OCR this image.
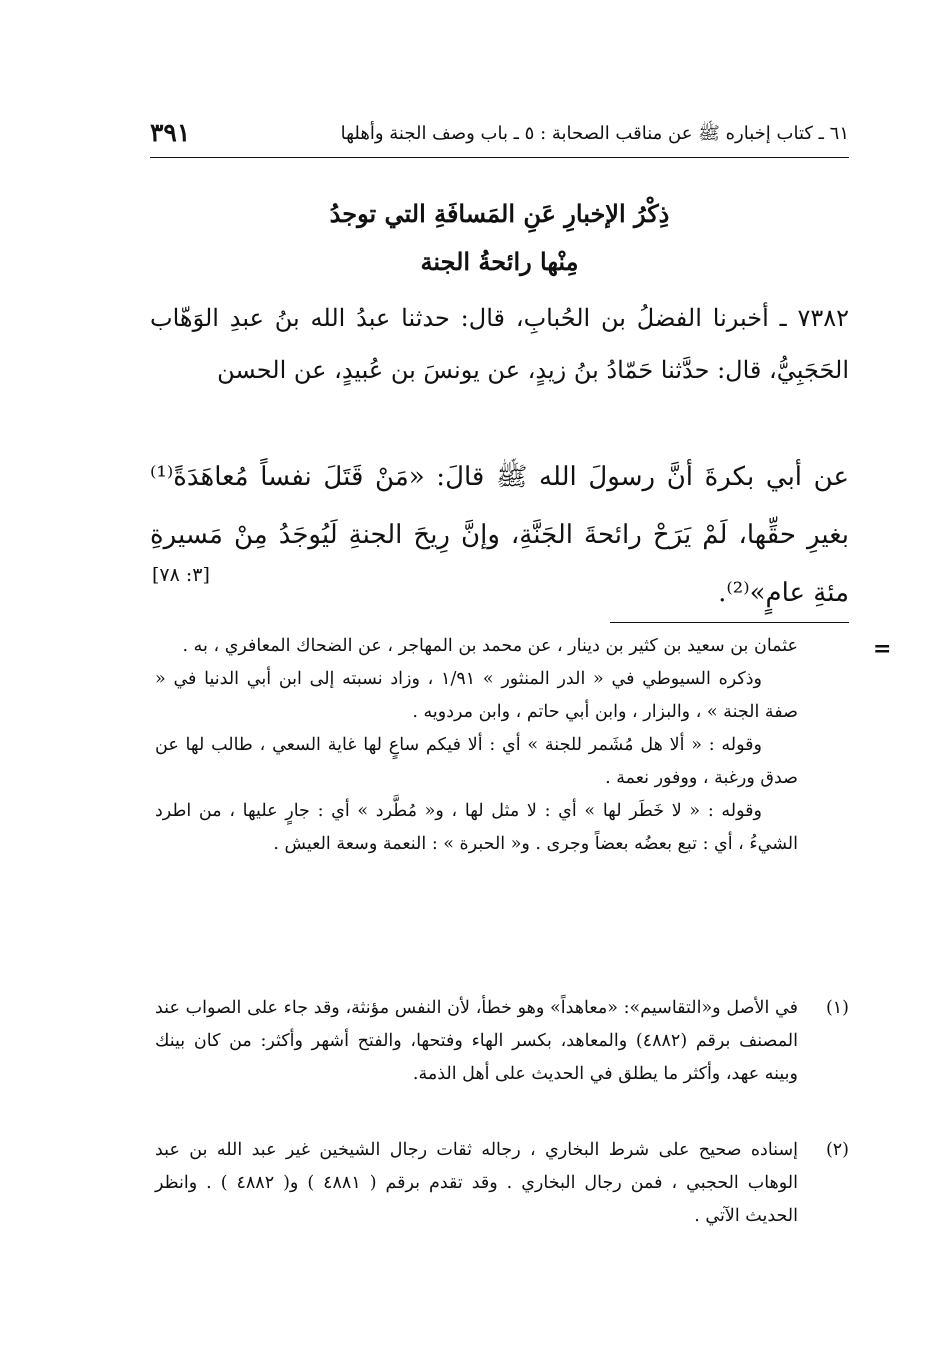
٣٩١	٦١ ـ كتاب إخباره ﷺ عن مناقب الصحابة : ٥ ـ باب وصف الجنة وأهلها
ذِكْرُ الإخبارِ عَنِ المَسافَةِ التي توجدُ
مِنْها رائحةُ الجنة
٧٣٨٢ ـ أخبرنا الفضلُ بن الحُبابِ، قال: حدثنا عبدُ الله بنُ عبدِ الوَهّاب الحَجَبِيُّ، قال: حدَّثنا حَمّادُ بنُ زيدٍ، عن يونسَ بن عُبيدٍ، عن الحسن
عن أبي بكرةَ أنَّ رسولَ الله ﷺ قالَ: «مَنْ قَتَلَ نفساً مُعاهَدَةً⁽¹⁾ بغيرِ حقِّها، لَمْ يَرَحْ رائحةَ الجَنَّةِ، وإنَّ رِيحَ الجنةِ لَيُوجَدُ مِنْ مَسيرةِ مئةِ عامٍ»⁽²⁾.
[٣: ٧٨]
=

عثمان بن سعيد بن كثير بن دينار ، عن محمد بن المهاجر ، عن الضحاك المعافري ، به .

وذكره السيوطي في « الدر المنثور » ١/٩١ ، وزاد نسبته إلى ابن أبي الدنيا في « صفة الجنة » ، والبزار ، وابن أبي حاتم ، وابن مردويه .

وقوله : « ألا هل مُشَمر للجنة » أي : ألا فيكم ساعٍ لها غاية السعي ، طالب لها عن صدق ورغبة ، ووفور نعمة .

وقوله : « لا خَطَر لها » أي : لا مثل لها ، و« مُطَّرد » أي : جارٍ عليها ، من اطرد الشيءُ ، أي : تبع بعضُه بعضاً وجرى . و« الحبرة » : النعمة وسعة العيش .

(١)
في الأصل و«التقاسيم»: «معاهداً» وهو خطأ، لأن النفس مؤنثة، وقد جاء على الصواب عند المصنف برقم (٤٨٨٢) والمعاهد، بكسر الهاء وفتحها، والفتح أشهر وأكثر: من كان بينك وبينه عهد، وأكثر ما يطلق في الحديث على أهل الذمة.
(٢)
إسناده صحيح على شرط البخاري ، رجاله ثقات رجال الشيخين غير عبد الله بن عبد الوهاب الحجبي ، فمن رجال البخاري . وقد تقدم برقم ( ٤٨٨١ ) و( ٤٨٨٢ ) . وانظر الحديث الآتي .
